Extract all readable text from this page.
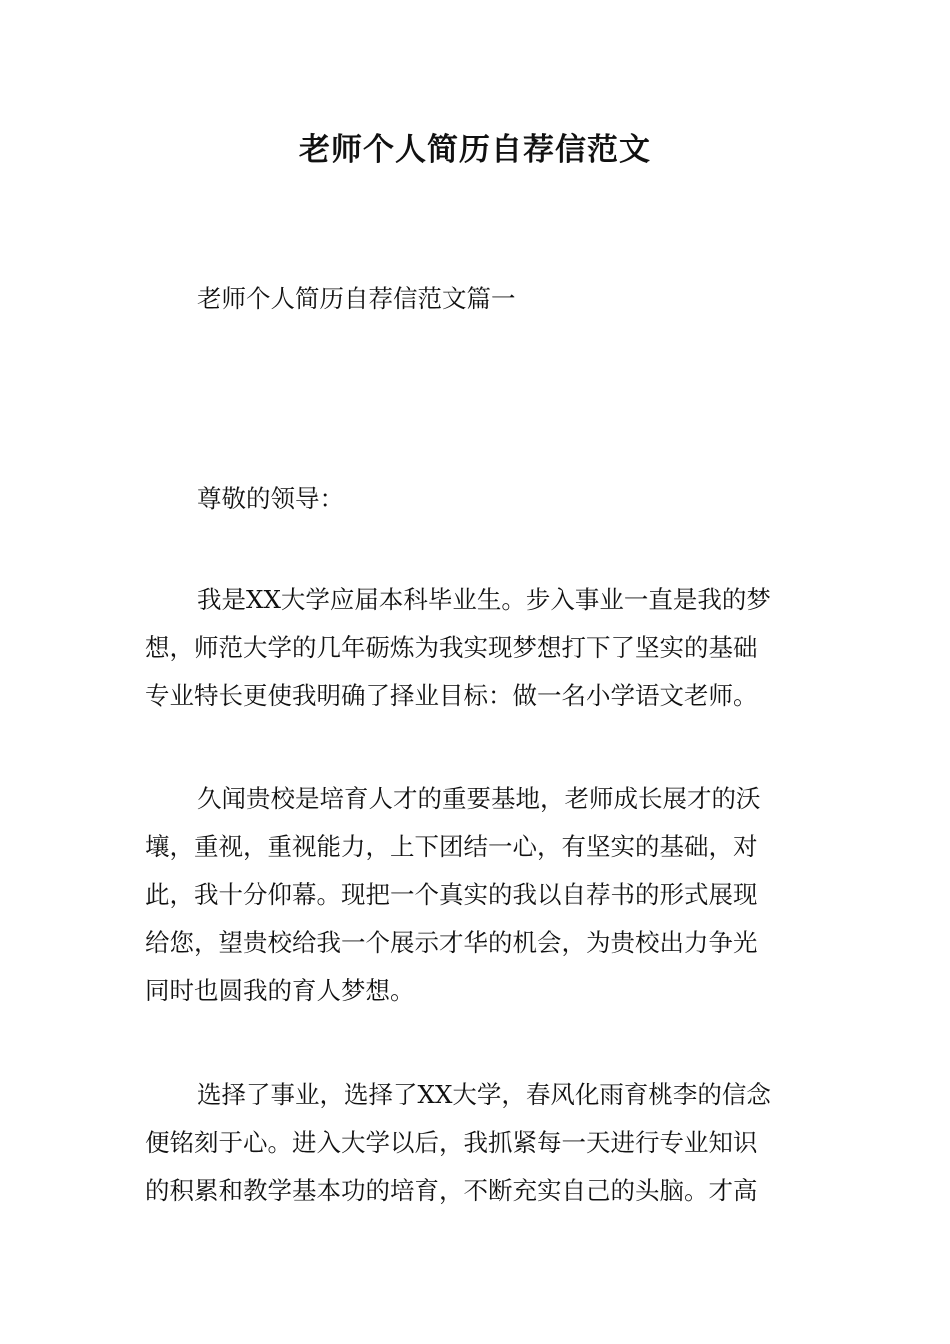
老师个人简历自荐信范文

老师个人简历自荐信范文篇一

尊敬的领导：

我是XX大学应届本科毕业生。步入事业一直是我的梦
想，师范大学的几年砺炼为我实现梦想打下了坚实的基础
专业特长更使我明确了择业目标：做一名小学语文老师。

久闻贵校是培育人才的重要基地，老师成长展才的沃
壤，重视，重视能力，上下团结一心，有坚实的基础，对
此，我十分仰幕。现把一个真实的我以自荐书的形式展现
给您，望贵校给我一个展示才华的机会，为贵校出力争光
同时也圆我的育人梦想。

选择了事业，选择了XX大学，春风化雨育桃李的信念
便铭刻于心。进入大学以后，我抓紧每一天进行专业知识
的积累和教学基本功的培育，不断充实自己的头脑。才高
